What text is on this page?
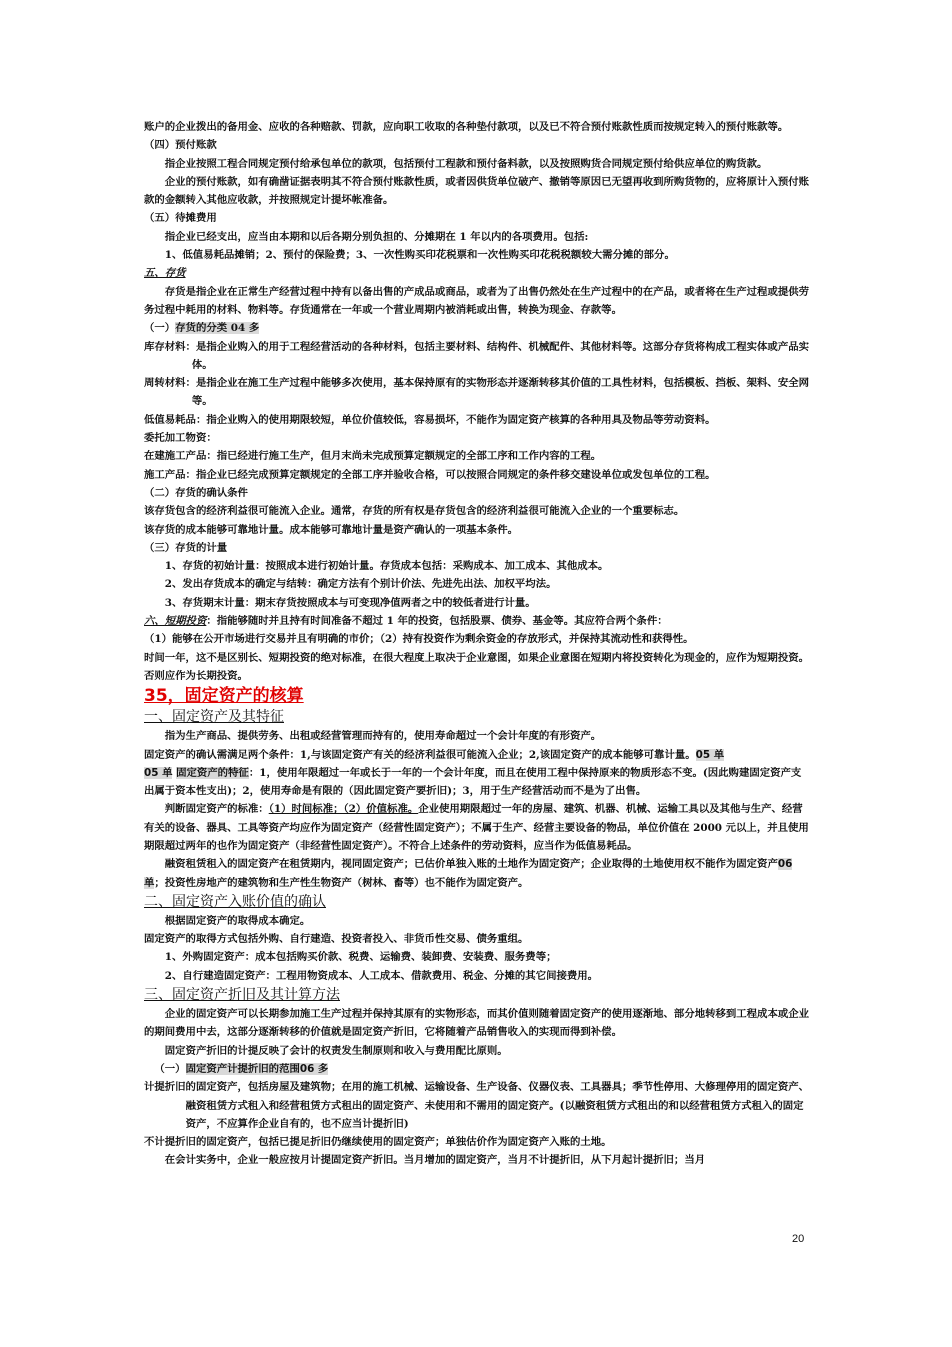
账户的企业拨出的备用金、应收的各种赔款、罚款，应向职工收取的各种垫付款项，以及已不符合预付账款性质而按规定转入的预付账款等。

（四）预付账款

指企业按照工程合同规定预付给承包单位的款项，包括预付工程款和预付备料款，以及按照购货合同规定预付给供应单位的购货款。

企业的预付账款，如有确凿证据表明其不符合预付账款性质，或者因供货单位破产、撤销等原因已无望再收到所购货物的，应将原计入预付账款的金额转入其他应收款，并按照规定计提坏帐准备。

（五）待摊费用

指企业已经支出，应当由本期和以后各期分别负担的、分摊期在 1 年以内的各项费用。包括:

1、低值易耗品摊销；2、预付的保险费；3、一次性购买印花税票和一次性购买印花税税额较大需分摊的部分。

五、存货

存货是指企业在正常生产经营过程中持有以备出售的产成品或商品，或者为了出售仍然处在生产过程中的在产品，或者将在生产过程或提供劳务过程中耗用的材料、物料等。存货通常在一年或一个营业周期内被消耗或出售，转换为现金、存款等。

（一）存货的分类 04 多

库存材料：是指企业购入的用于工程经营活动的各种材料，包括主要材料、结构件、机械配件、其他材料等。这部分存货将构成工程实体或产品实体。

周转材料：是指企业在施工生产过程中能够多次使用，基本保持原有的实物形态并逐渐转移其价值的工具性材料，包括模板、挡板、架料、安全网等。

低值易耗品：指企业购入的使用期限较短，单位价值较低，容易损坏，不能作为固定资产核算的各种用具及物品等劳动资料。

委托加工物资：

在建施工产品：指已经进行施工生产，但月末尚未完成预算定额规定的全部工序和工作内容的工程。

施工产品：指企业已经完成预算定额规定的全部工序并验收合格，可以按照合同规定的条件移交建设单位或发包单位的工程。

（二）存货的确认条件

该存货包含的经济利益很可能流入企业。通常，存货的所有权是存货包含的经济利益很可能流入企业的一个重要标志。

该存货的成本能够可靠地计量。成本能够可靠地计量是资产确认的一项基本条件。

（三）存货的计量

1、存货的初始计量：按照成本进行初始计量。存货成本包括：采购成本、加工成本、其他成本。

2、发出存货成本的确定与结转：确定方法有个别计价法、先进先出法、加权平均法。

3、存货期末计量：期末存货按照成本与可变现净值两者之中的较低者进行计量。

六、短期投资：指能够随时并且持有时间准备不超过 1 年的投资，包括股票、债券、基金等。其应符合两个条件：

（1）能够在公开市场进行交易并且有明确的市价；（2）持有投资作为剩余资金的存放形式，并保持其流动性和获得性。

时间一年，这不是区别长、短期投资的绝对标准，在很大程度上取决于企业意图，如果企业意图在短期内将投资转化为现金的，应作为短期投资。否则应作为长期投资。

35，固定资产的核算

一、固定资产及其特征

指为生产商品、提供劳务、出租或经营管理而持有的，使用寿命超过一个会计年度的有形资产。

固定资产的确认需满足两个条件：1,与该固定资产有关的经济利益很可能流入企业；2,该固定资产的成本能够可靠计量。05 单
05 单 固定资产的特征：1，使用年限超过一年或长于一年的一个会计年度，而且在使用工程中保持原来的物质形态不变。(因此购建固定资产支出属于资本性支出)；2，使用寿命是有限的（因此固定资产要折旧)；3，用于生产经营活动而不是为了出售。

判断固定资产的标准：（1）时间标准；（2）价值标准。企业使用期限超过一年的房屋、建筑、机器、机械、运输工具以及其他与生产、经营有关的设备、器具、工具等资产均应作为固定资产（经营性固定资产）；不属于生产、经营主要设备的物品，单位价值在 2000 元以上，并且使用期限超过两年的也作为固定资产（非经营性固定资产）。不符合上述条件的劳动资料，应当作为低值易耗品。

融资租赁租入的固定资产在租赁期内，视同固定资产；已估价单独入账的土地作为固定资产；企业取得的土地使用权不能作为固定资产06 单；投资性房地产的建筑物和生产性生物资产（树林、畜等）也不能作为固定资产。

二、固定资产入账价值的确认

根据固定资产的取得成本确定。

固定资产的取得方式包括外购、自行建造、投资者投入、非货币性交易、债务重组。

1、外购固定资产：成本包括购买价款、税费、运输费、装卸费、安装费、服务费等；

2、自行建造固定资产：工程用物资成本、人工成本、借款费用、税金、分摊的其它间接费用。

三、固定资产折旧及其计算方法

企业的固定资产可以长期参加施工生产过程并保持其原有的实物形态，而其价值则随着固定资产的使用逐渐地、部分地转移到工程成本或企业的期间费用中去，这部分逐渐转移的价值就是固定资产折旧，它将随着产品销售收入的实现而得到补偿。

固定资产折旧的计提反映了会计的权责发生制原则和收入与费用配比原则。

（一）固定资产计提折旧的范围06 多

计提折旧的固定资产，包括房屋及建筑物；在用的施工机械、运输设备、生产设备、仪器仪表、工具器具；季节性停用、大修理停用的固定资产、融资租赁方式租入和经营租赁方式租出的固定资产、未使用和不需用的固定资产。(以融资租赁方式租出的和以经营租赁方式租入的固定资产，不应算作企业自有的，也不应当计提折旧)

不计提折旧的固定资产，包括已提足折旧仍继续使用的固定资产；单独估价作为固定资产入账的土地。

在会计实务中，企业一般应按月计提固定资产折旧。当月增加的固定资产，当月不计提折旧，从下月起计提折旧；当月

20
